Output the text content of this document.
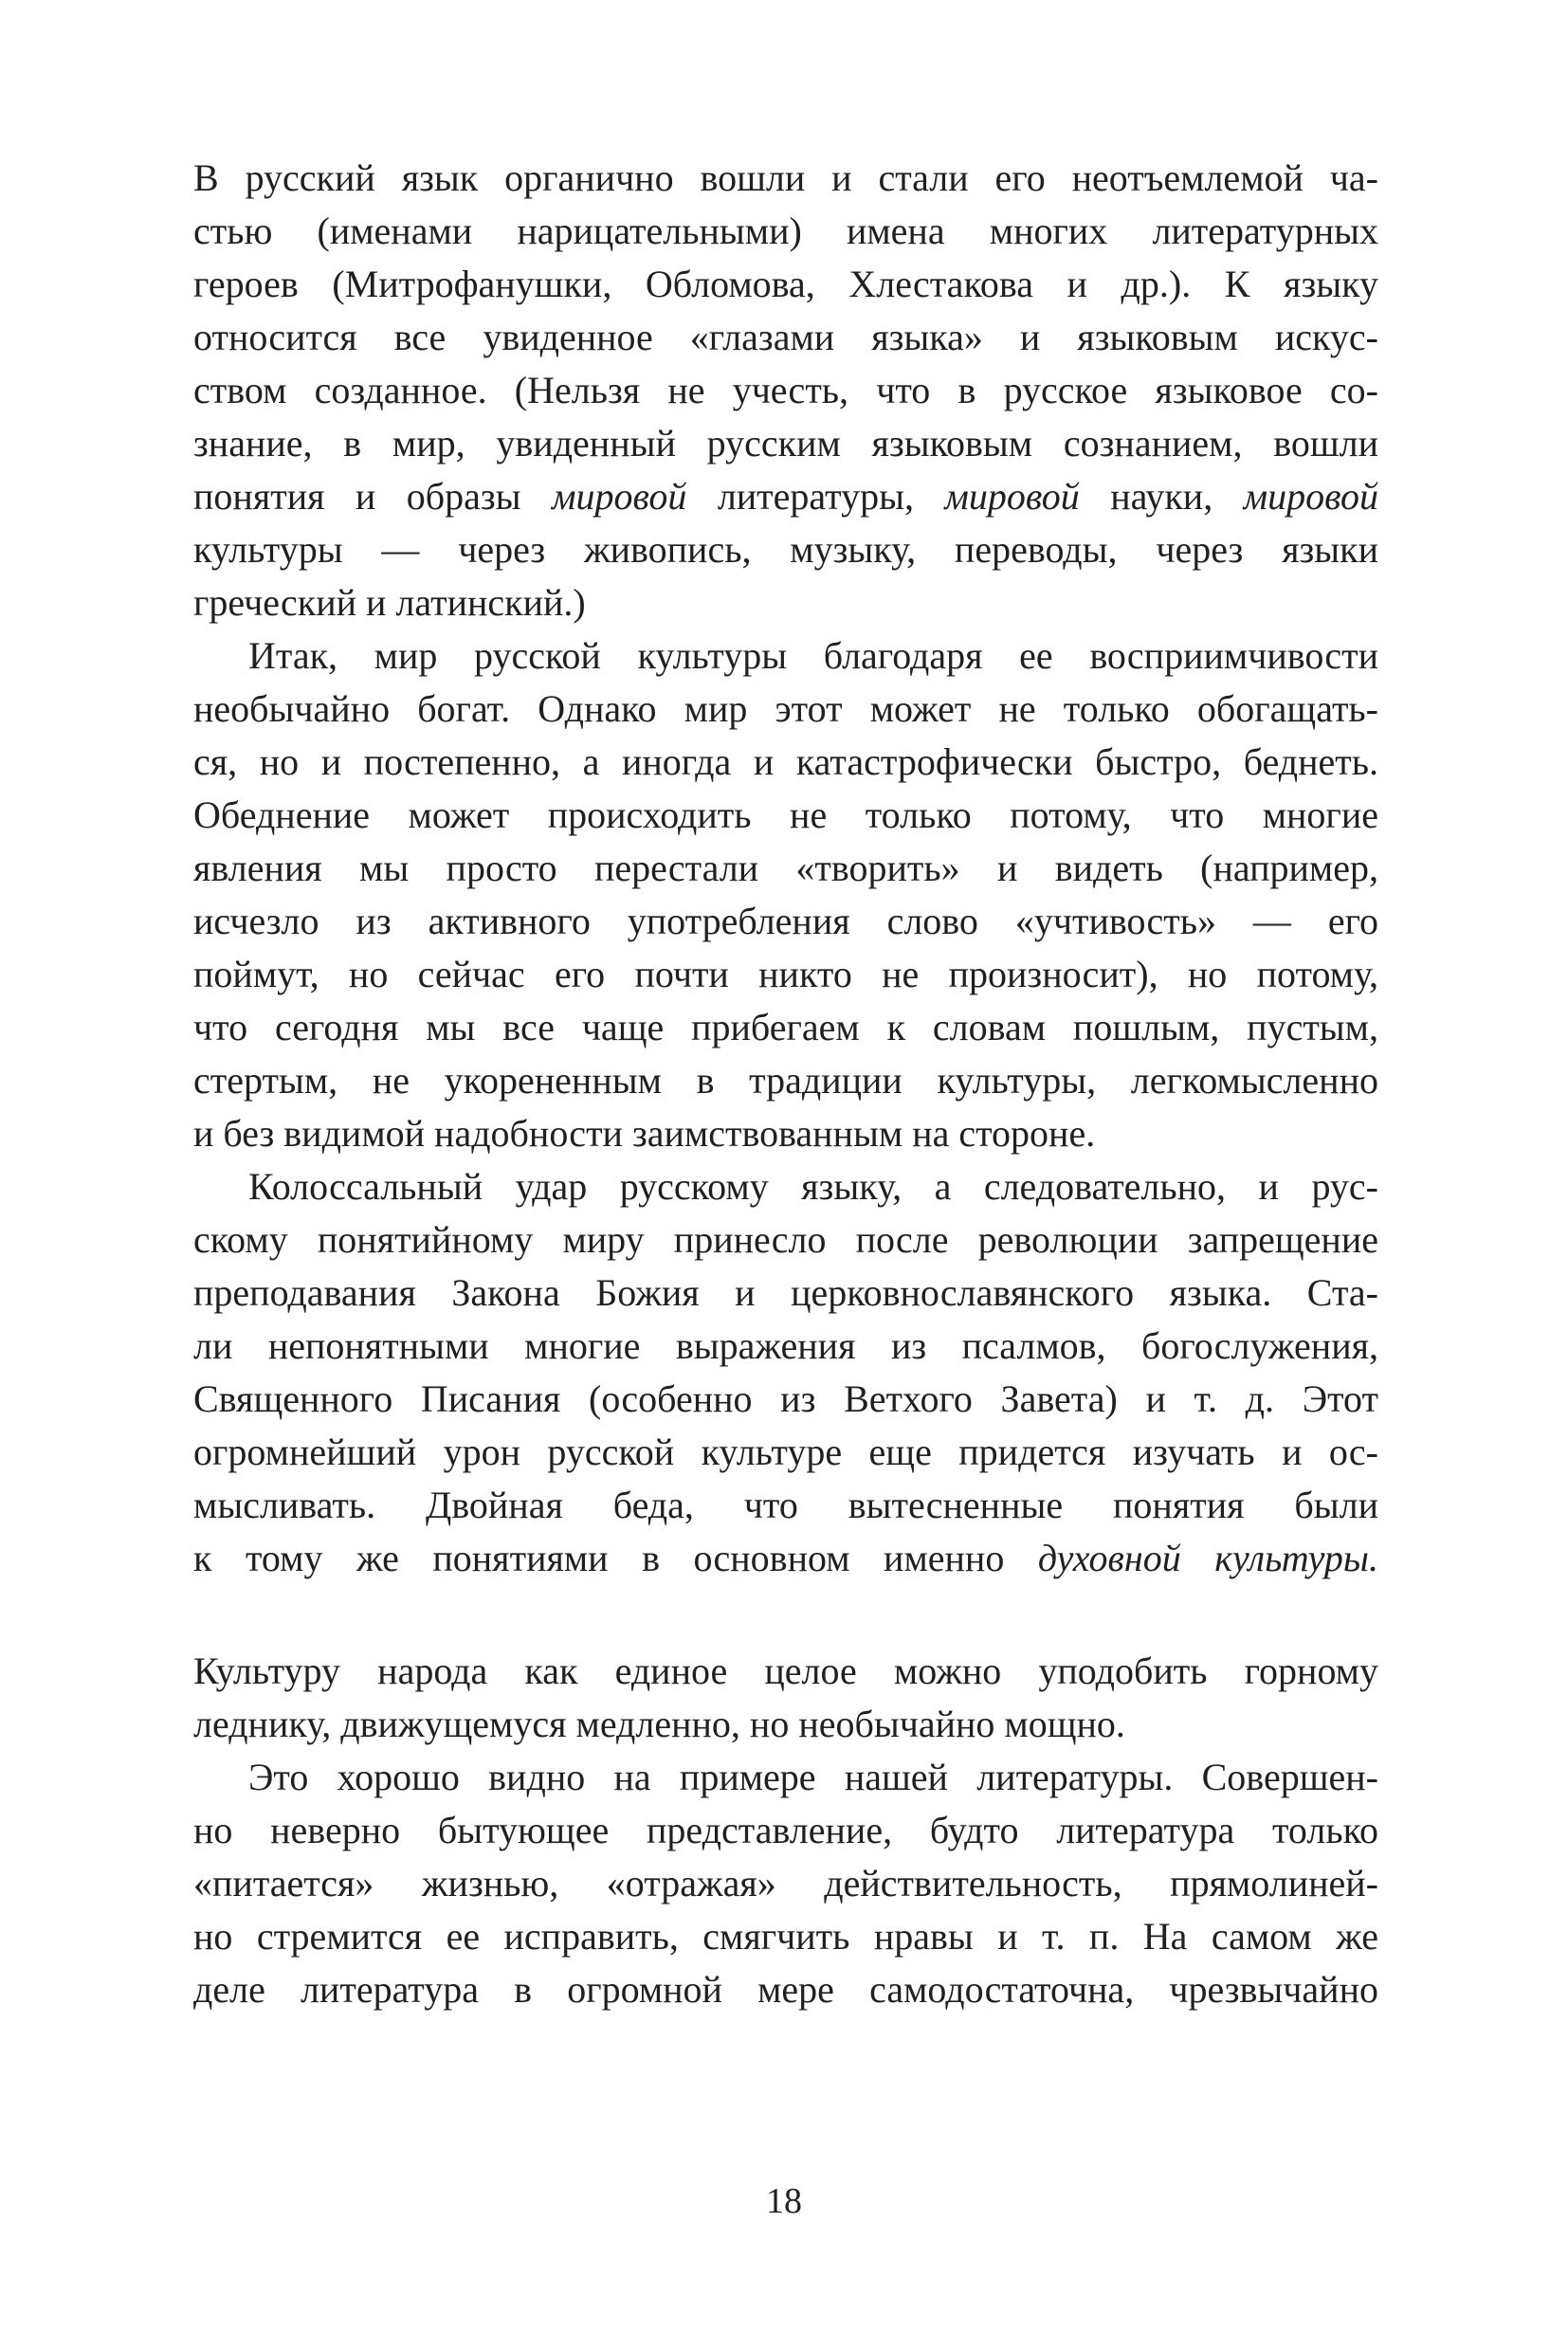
В русский язык органично вошли и стали его неотъемлемой ча-
стью (именами нарицательными) имена многих литературных
героев (Митрофанушки, Обломова, Хлестакова и др.). К языку
относится все увиденное «глазами языка» и языковым искус-
ством созданное. (Нельзя не учесть, что в русское языковое со-
знание, в мир, увиденный русским языковым сознанием, вошли
понятия и образы мировой литературы, мировой науки, мировой
культуры — через живопись, музыку, переводы, через языки
греческий и латинский.)
Итак, мир русской культуры благодаря ее восприимчивости
необычайно богат. Однако мир этот может не только обогащать-
ся, но и постепенно, а иногда и катастрофически быстро, беднеть.
Обеднение может происходить не только потому, что многие
явления мы просто перестали «творить» и видеть (например,
исчезло из активного употребления слово «учтивость» — его
поймут, но сейчас его почти никто не произносит), но потому,
что сегодня мы все чаще прибегаем к словам пошлым, пустым,
стертым, не укорененным в традиции культуры, легкомысленно
и без видимой надобности заимствованным на стороне.
Колоссальный удар русскому языку, а следовательно, и рус-
скому понятийному миру принесло после революции запрещение
преподавания Закона Божия и церковнославянского языка. Ста-
ли непонятными многие выражения из псалмов, богослужения,
Священного Писания (особенно из Ветхого Завета) и т. д. Этот
огромнейший урон русской культуре еще придется изучать и ос-
мысливать. Двойная беда, что вытесненные понятия были
к тому же понятиями в основном именно духовной культуры.
Культуру народа как единое целое можно уподобить горному
леднику, движущемуся медленно, но необычайно мощно.
Это хорошо видно на примере нашей литературы. Совершен-
но неверно бытующее представление, будто литература только
«питается» жизнью, «отражая» действительность, прямолиней-
но стремится ее исправить, смягчить нравы и т. п. На самом же
деле литература в огромной мере самодостаточна, чрезвычайно
18
